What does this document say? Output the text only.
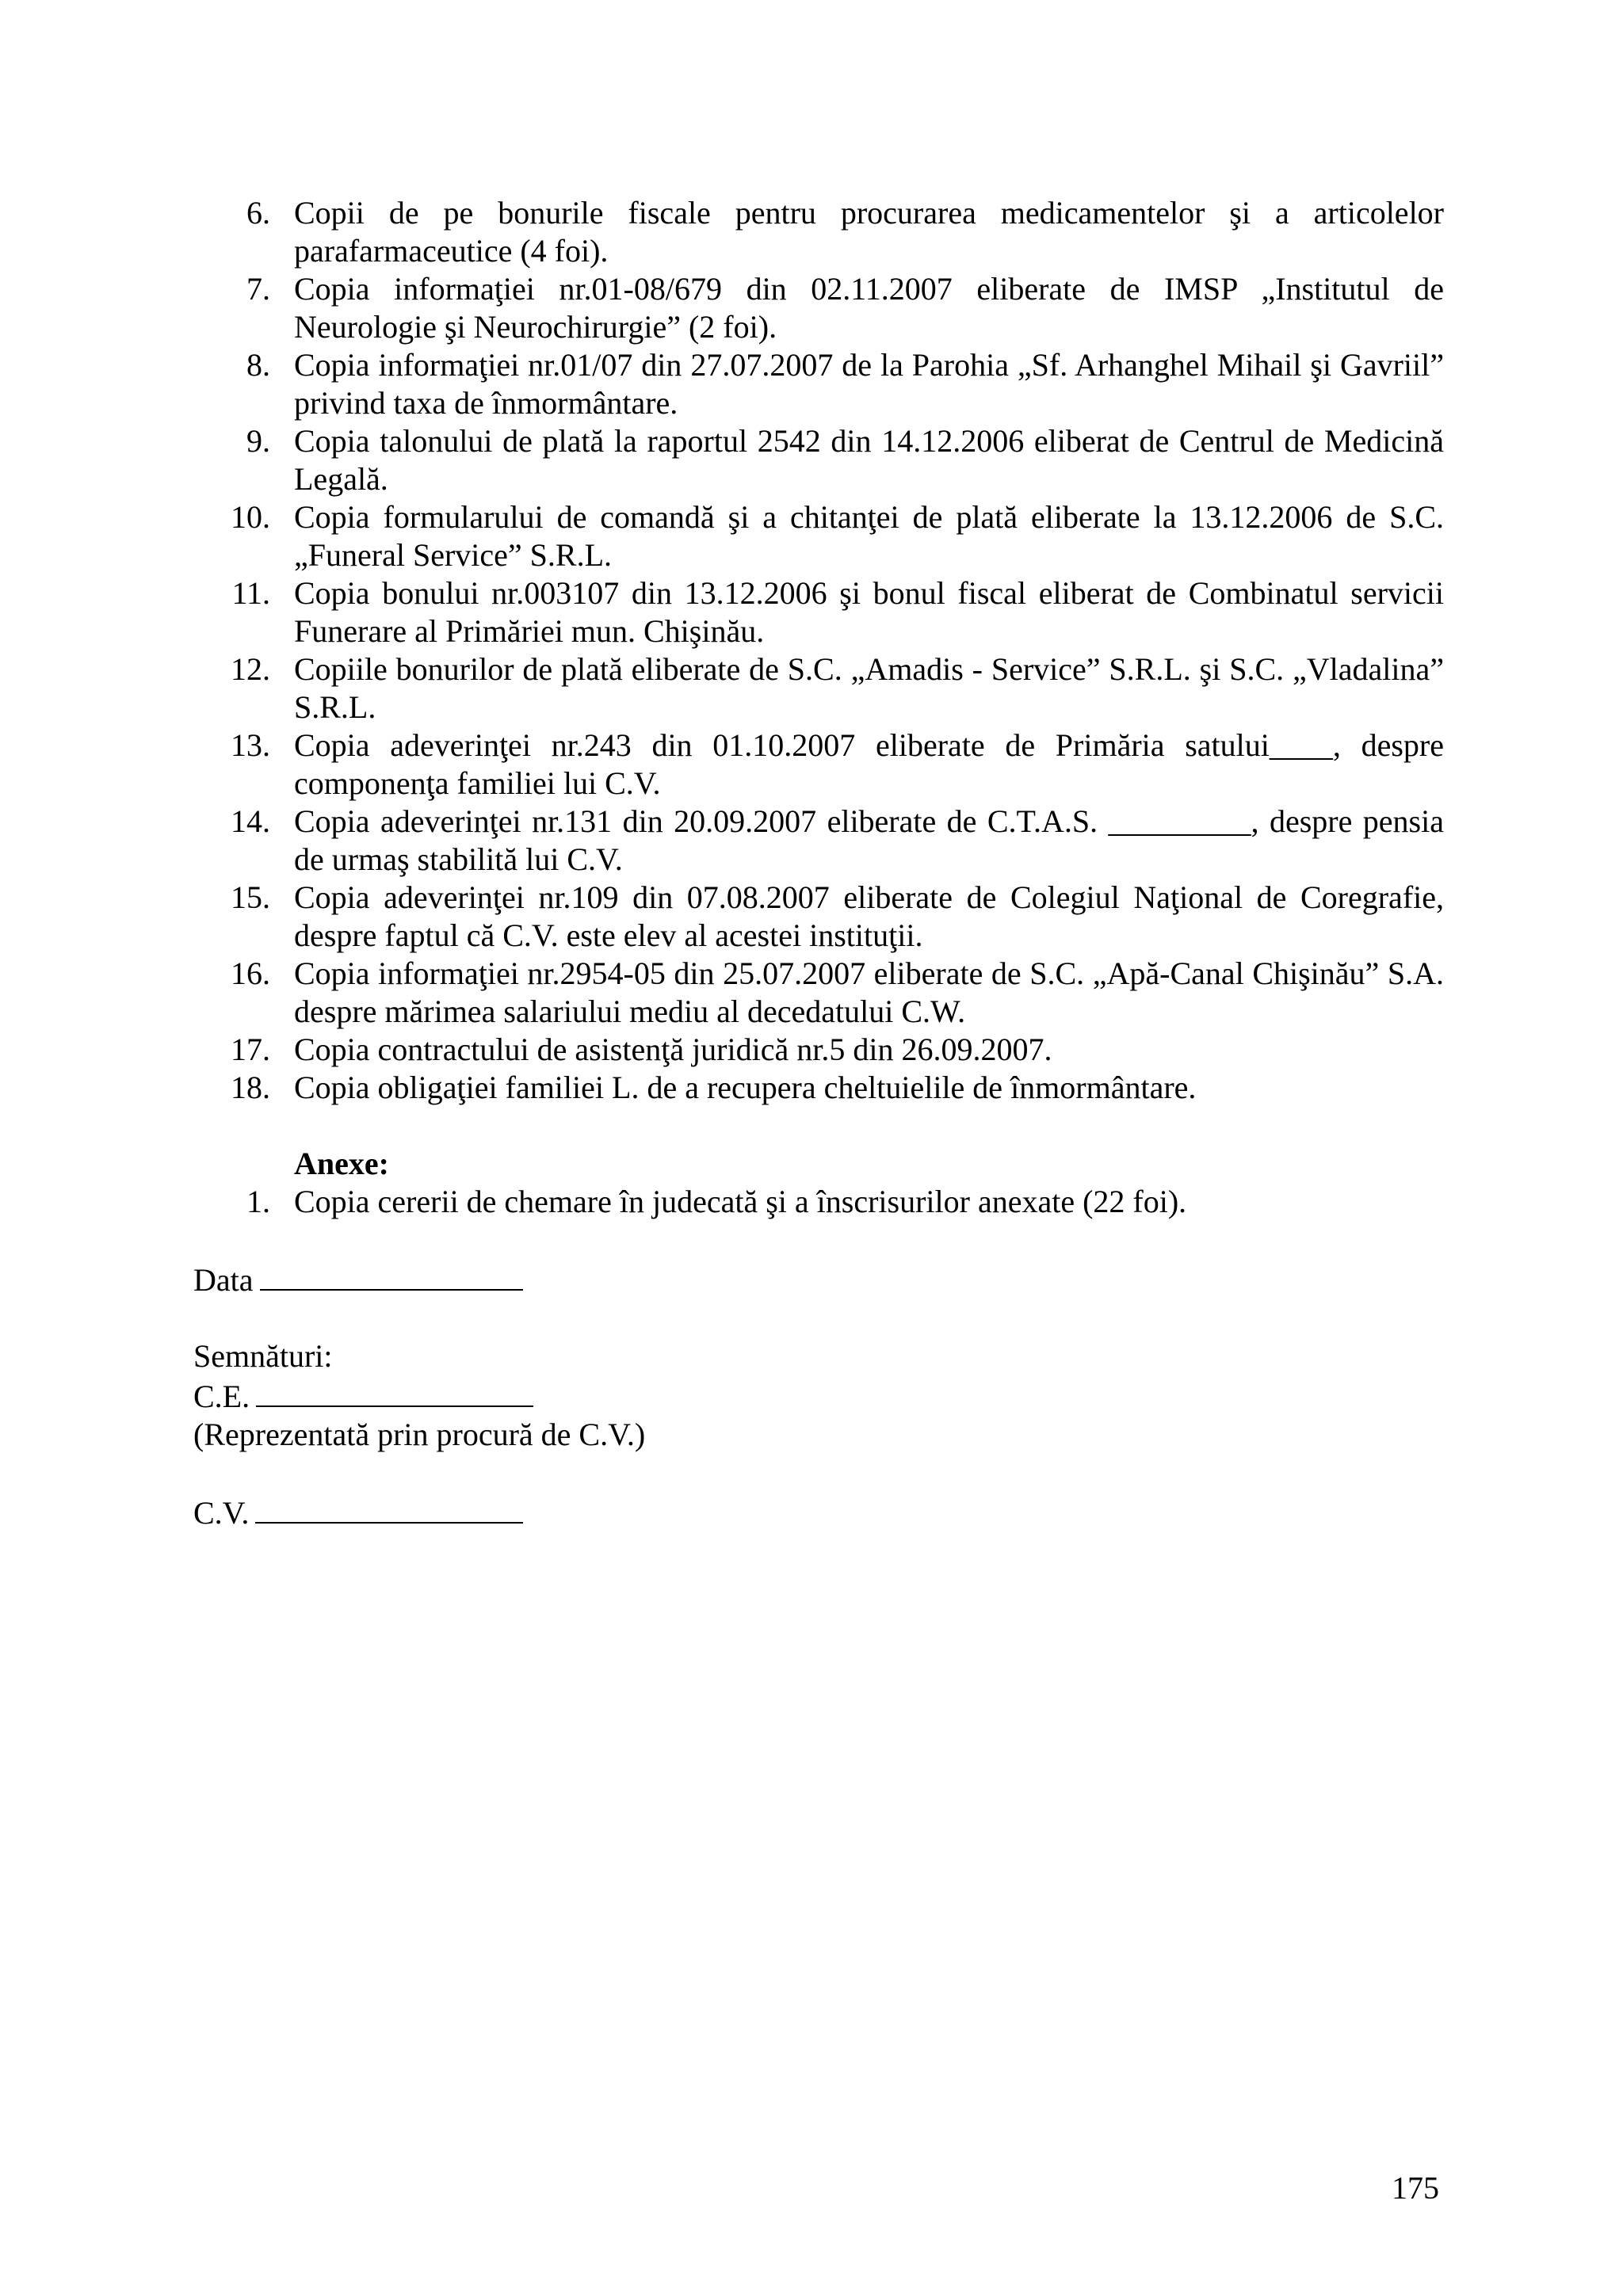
6. Copii de pe bonurile fiscale pentru procurarea medicamentelor şi a articolelor parafarmaceutice (4 foi).
7. Copia informaţiei nr.01-08/679 din 02.11.2007 eliberate de IMSP „Institutul de Neurologie şi Neurochirurgie” (2 foi).
8. Copia informaţiei nr.01/07 din 27.07.2007 de la Parohia „Sf. Arhanghel Mihail şi Gavriil” privind taxa de înmormântare.
9. Copia talonului de plată la raportul 2542 din 14.12.2006 eliberat de Centrul de Medicină Legală.
10. Copia formularului de comandă şi a chitanţei de plată eliberate la 13.12.2006 de S.C. „Funeral Service” S.R.L.
11. Copia bonului nr.003107 din 13.12.2006 şi bonul fiscal eliberat de Combinatul servicii Funerare al Primăriei mun. Chişinău.
12. Copiile bonurilor de plată eliberate de S.C. „Amadis - Service” S.R.L. şi S.C. „Vladalina” S.R.L.
13. Copia adeverinţei nr.243 din 01.10.2007 eliberate de Primăria satului____, despre componenţa familiei lui C.V.
14. Copia adeverinţei nr.131 din 20.09.2007 eliberate de C.T.A.S. _________, despre pensia de urmaş stabilită lui C.V.
15. Copia adeverinţei nr.109 din 07.08.2007 eliberate de Colegiul Naţional de Coregrafie, despre faptul că C.V. este elev al acestei instituţii.
16. Copia informaţiei nr.2954-05 din 25.07.2007 eliberate de S.C. „Apă-Canal Chişinău” S.A. despre mărimea salariului mediu al decedatului C.W.
17. Copia contractului de asistenţă juridică nr.5 din 26.09.2007.
18. Copia obligaţiei familiei L. de a recupera cheltuielile de înmormântare.

Anexe:

1. Copia cererii de chemare în judecată şi a înscrisurilor anexate (22 foi).

Data

Semnături:

C.E.

(Reprezentată prin procură de C.V.)

C.V.

175
